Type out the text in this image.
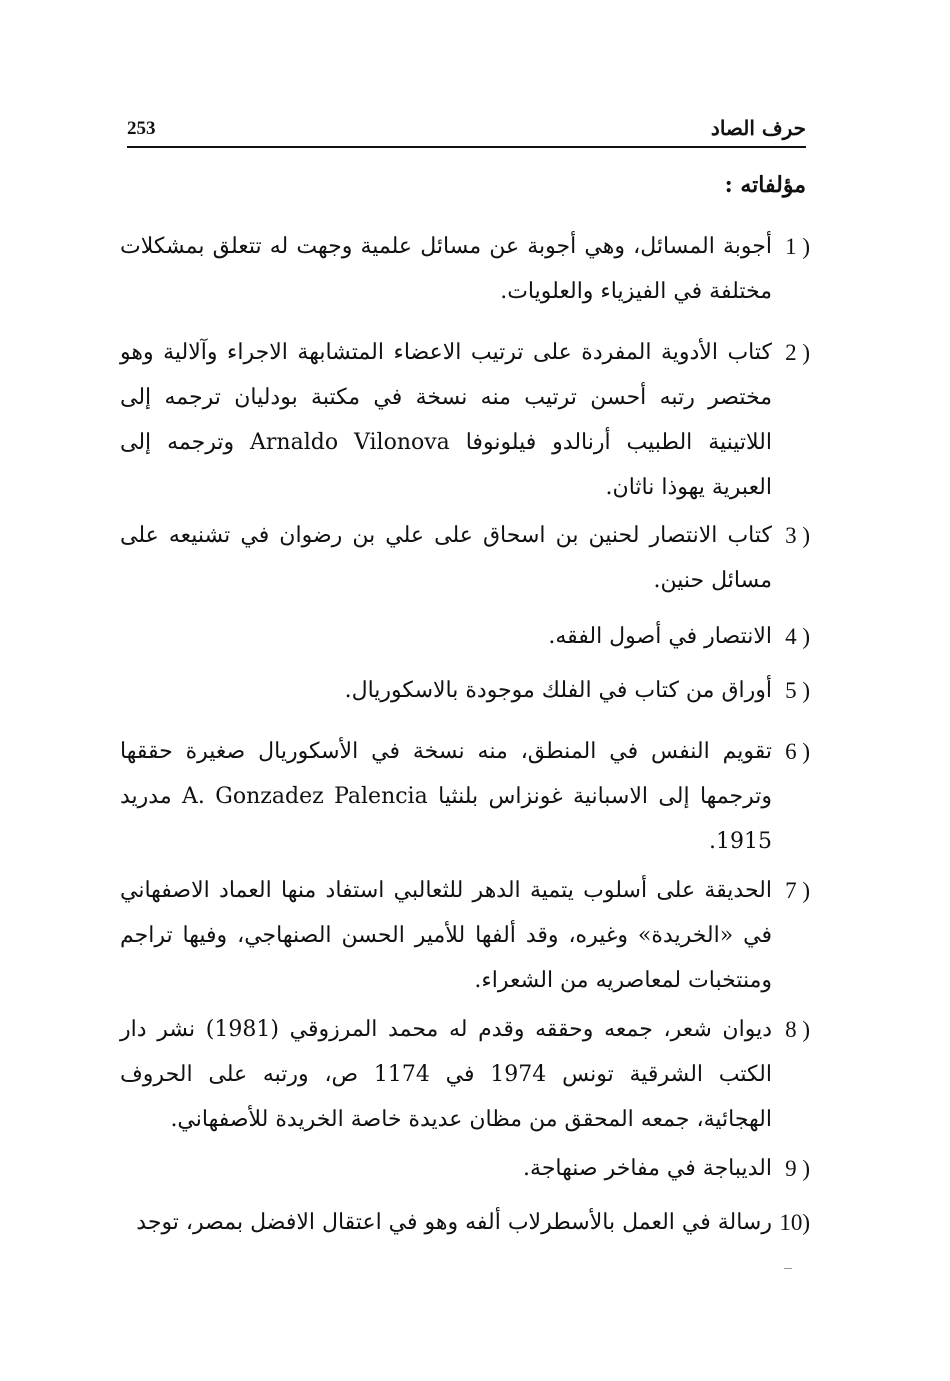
253	حرف الصاد
مؤلفاته :
1 )
أجوبة المسائل، وهي أجوبة عن مسائل علمية وجهت له تتعلق بمشكلات مختلفة في الفيزياء والعلويات.
2 )
كتاب الأدوية المفردة على ترتيب الاعضاء المتشابهة الاجراء وآلالية وهو مختصر رتبه أحسن ترتيب منه نسخة في مكتبة بودليان ترجمه إلى اللاتينية الطبيب أرنالدو فيلونوفا Arnaldo Vilonova وترجمه إلى العبرية يهوذا ناثان.
3 )
كتاب الانتصار لحنين بن اسحاق على علي بن رضوان في تشنيعه على مسائل حنين.
4 )
الانتصار في أصول الفقه.
5 )
أوراق من كتاب في الفلك موجودة بالاسكوريال.
6 )
تقويم النفس في المنطق، منه نسخة في الأسكوريال صغيرة حققها وترجمها إلى الاسبانية غونزاس بلنثيا A. Gonzadez Palencia مدريد 1915.
7 )
الحديقة على أسلوب يتمية الدهر للثعالبي استفاد منها العماد الاصفهاني في «الخريدة» وغيره، وقد ألفها للأمير الحسن الصنهاجي، وفيها تراجم ومنتخبات لمعاصريه من الشعراء.
8 )
ديوان شعر، جمعه وحققه وقدم له محمد المرزوقي (1981) نشر دار الكتب الشرقية تونس 1974 في 1174 ص، ورتبه على الحروف الهجائية، جمعه المحقق من مظان عديدة خاصة الخريدة للأصفهاني.
9 )
الديباجة في مفاخر صنهاجة.
10)
رسالة في العمل بالأسطرلاب ألفه وهو في اعتقال الافضل بمصر، توجد
